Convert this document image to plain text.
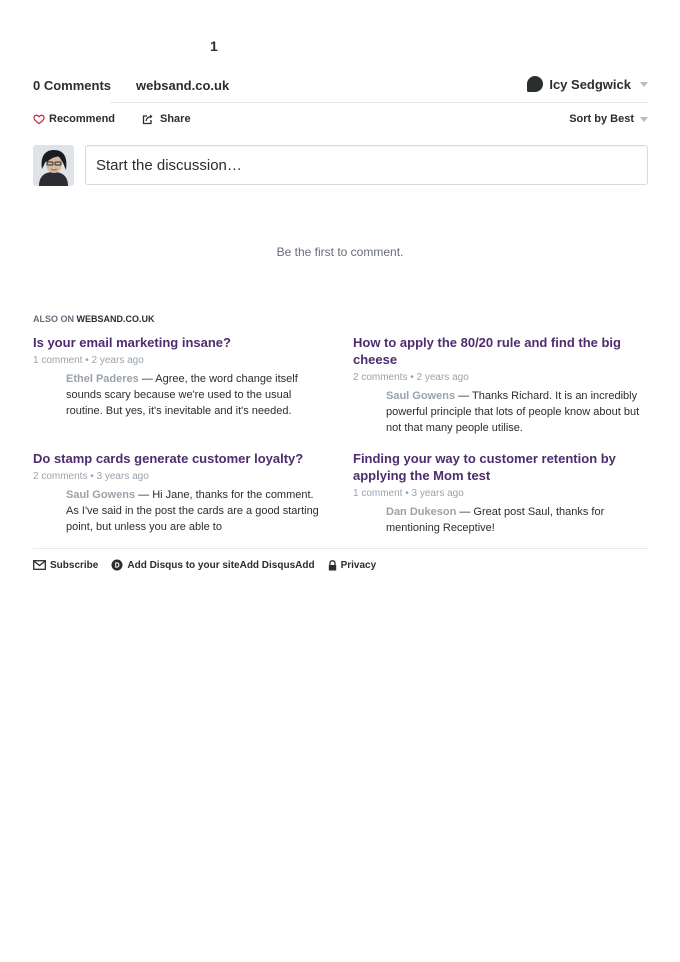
1
0 Comments websand.co.uk	Icy Sedgwick
Recommend	Share	Sort by Best
Start the discussion…
Be the first to comment.
ALSO ON WEBSAND.CO.UK
Is your email marketing insane?
1 comment • 2 years ago
Ethel Paderes — Agree, the word change itself sounds scary because we're used to the usual routine. But yes, it's inevitable and it's needed.
How to apply the 80/20 rule and find the big cheese
2 comments • 2 years ago
Saul Gowens — Thanks Richard. It is an incredibly powerful principle that lots of people know about but not that many people utilise.
Do stamp cards generate customer loyalty?
2 comments • 3 years ago
Saul Gowens — Hi Jane, thanks for the comment. As I've said in the post the cards are a good starting point, but unless you are able to
Finding your way to customer retention by applying the Mom test
1 comment • 3 years ago
Dan Dukeson — Great post Saul, thanks for mentioning Receptive!
Subscribe	Add Disqus to your siteAdd DisqusAdd	Privacy
